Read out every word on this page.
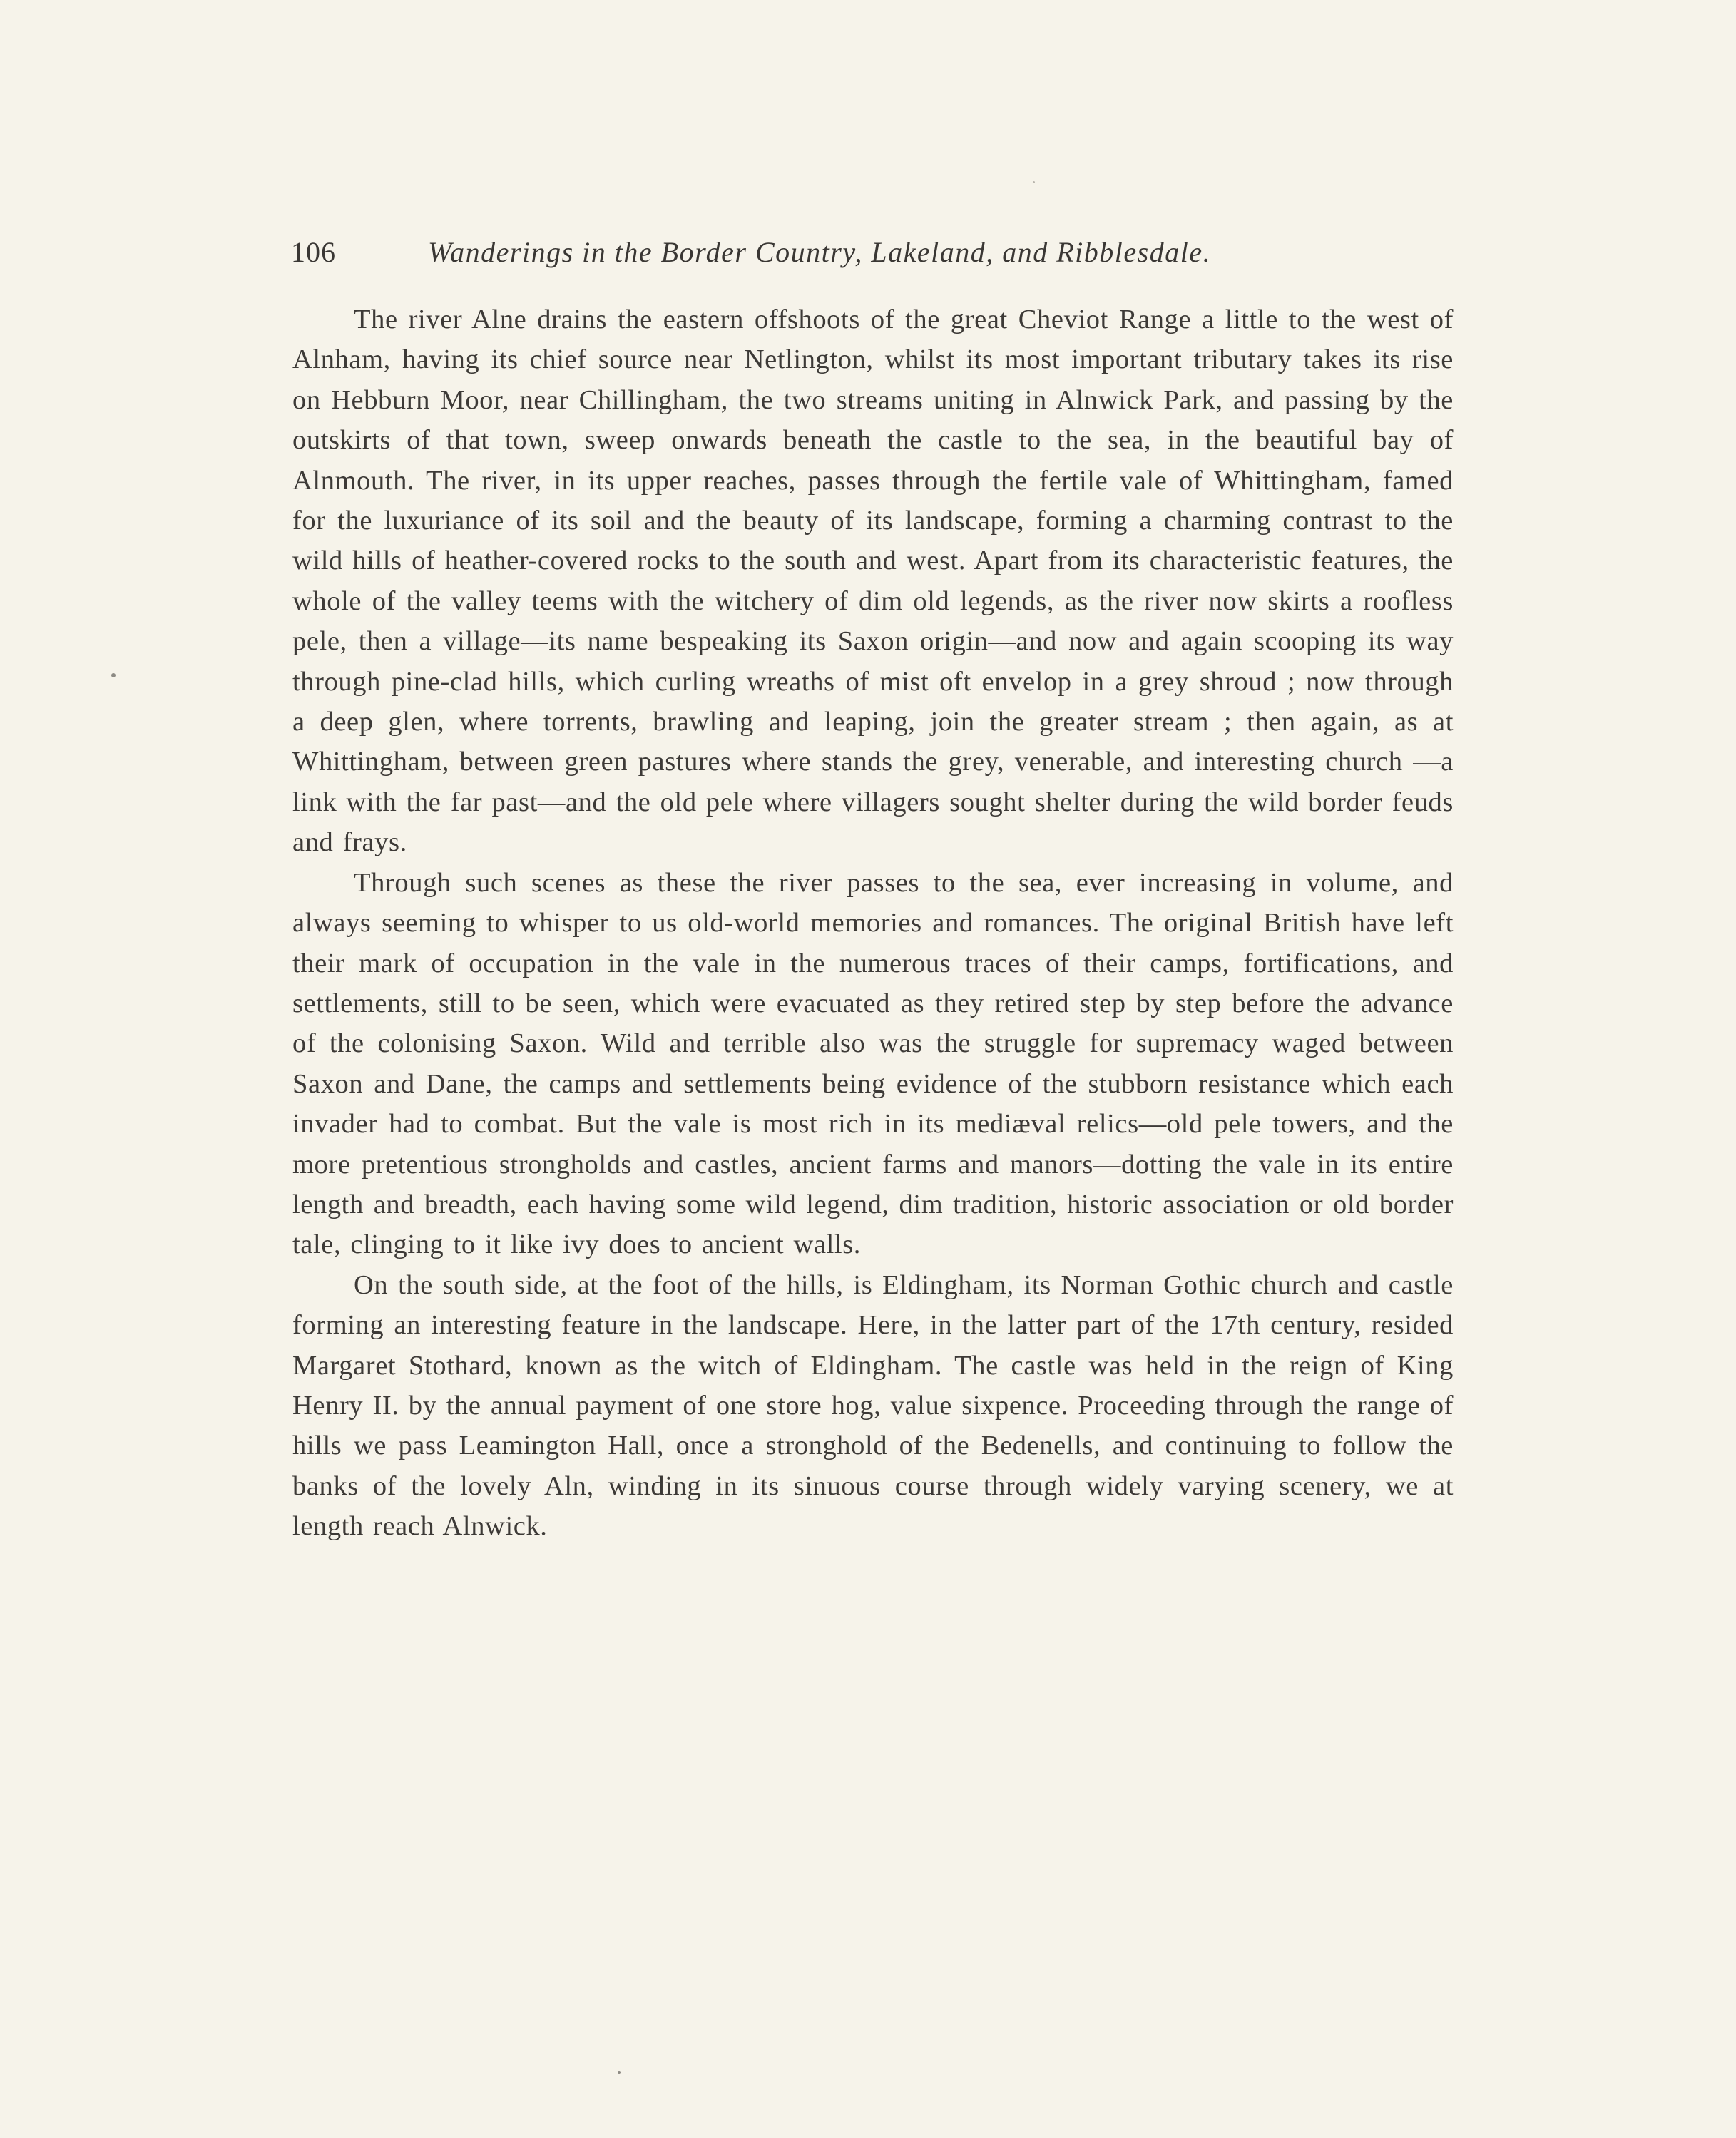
106	Wanderings in the Border Country, Lakeland, and Ribblesdale.

The river Alne drains the eastern offshoots of the great Cheviot Range a little to the west of Alnham, having its chief source near Netlington, whilst its most important tributary takes its rise on Hebburn Moor, near Chillingham, the two streams uniting in Alnwick Park, and passing by the outskirts of that town, sweep onwards beneath the castle to the sea, in the beautiful bay of Alnmouth. The river, in its upper reaches, passes through the fertile vale of Whittingham, famed for the luxuriance of its soil and the beauty of its landscape, forming a charming contrast to the wild hills of heather-covered rocks to the south and west. Apart from its characteristic features, the whole of the valley teems with the witchery of dim old legends, as the river now skirts a roofless pele, then a village—its name bespeaking its Saxon origin—and now and again scooping its way through pine-clad hills, which curling wreaths of mist oft envelop in a grey shroud ; now through a deep glen, where torrents, brawling and leaping, join the greater stream ; then again, as at Whittingham, between green pastures where stands the grey, venerable, and interesting church —a link with the far past—and the old pele where villagers sought shelter during the wild border feuds and frays.

Through such scenes as these the river passes to the sea, ever increasing in volume, and always seeming to whisper to us old-world memories and romances. The original British have left their mark of occupation in the vale in the numerous traces of their camps, fortifications, and settlements, still to be seen, which were evacuated as they retired step by step before the advance of the colonising Saxon. Wild and terrible also was the struggle for supremacy waged between Saxon and Dane, the camps and settlements being evidence of the stubborn resistance which each invader had to combat. But the vale is most rich in its mediæval relics—old pele towers, and the more pretentious strongholds and castles, ancient farms and manors—dotting the vale in its entire length and breadth, each having some wild legend, dim tradition, historic association or old border tale, clinging to it like ivy does to ancient walls.

On the south side, at the foot of the hills, is Eldingham, its Norman Gothic church and castle forming an interesting feature in the landscape. Here, in the latter part of the 17th century, resided Margaret Stothard, known as the witch of Eldingham. The castle was held in the reign of King Henry II. by the annual payment of one store hog, value sixpence. Proceeding through the range of hills we pass Leamington Hall, once a stronghold of the Bedenells, and continuing to follow the banks of the lovely Aln, winding in its sinuous course through widely varying scenery, we at length reach Alnwick.
